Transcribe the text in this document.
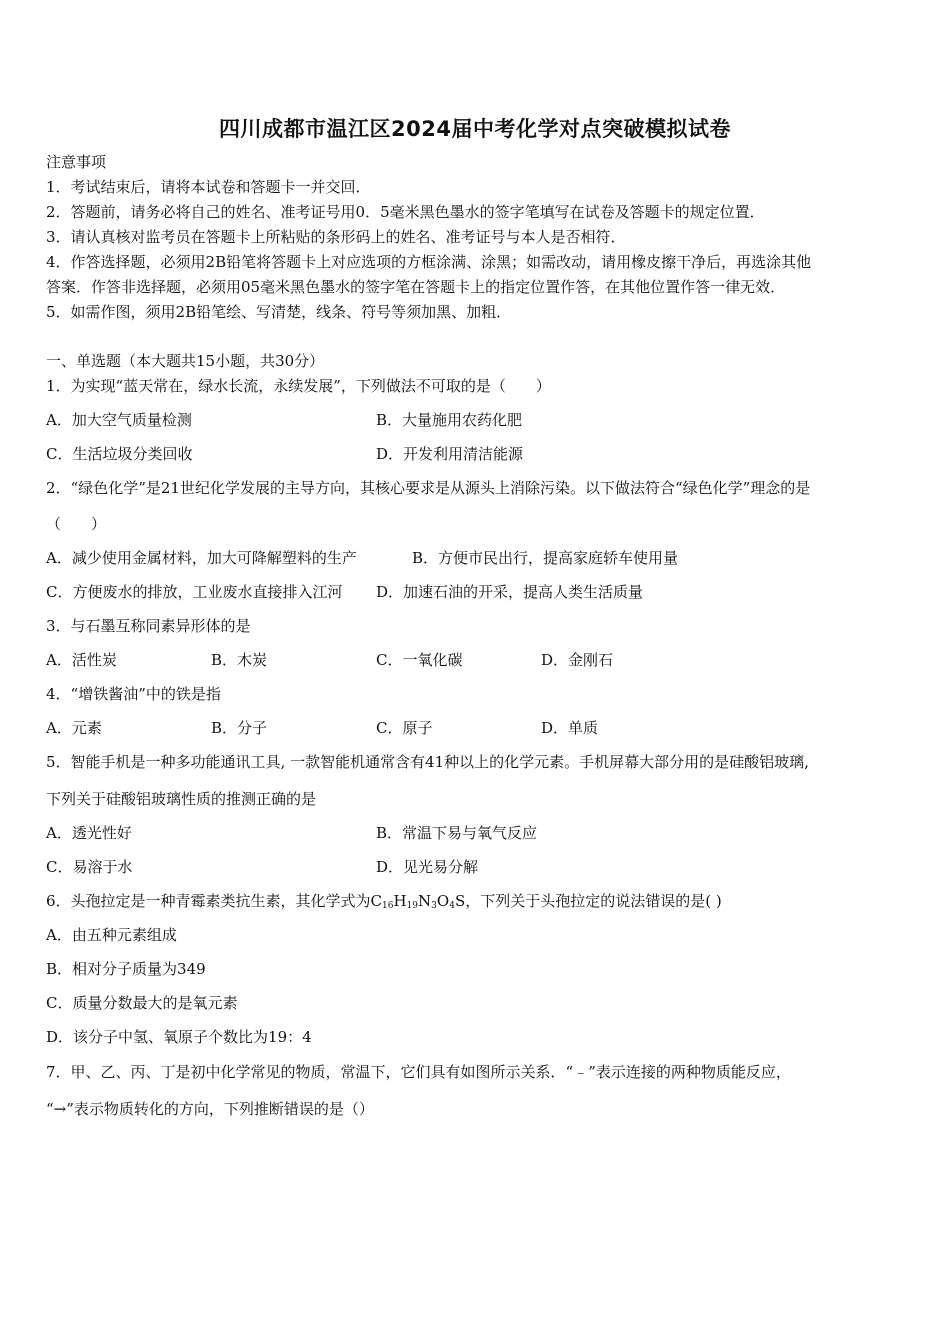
四川成都市温江区2024届中考化学对点突破模拟试卷
注意事项
1．考试结束后，请将本试卷和答题卡一并交回．
2．答题前，请务必将自己的姓名、准考证号用0．5毫米黑色墨水的签字笔填写在试卷及答题卡的规定位置．
3．请认真核对监考员在答题卡上所粘贴的条形码上的姓名、准考证号与本人是否相符．
4．作答选择题，必须用2B铅笔将答题卡上对应选项的方框涂满、涂黑；如需改动，请用橡皮擦干净后，再选涂其他
答案．作答非选择题，必须用05毫米黑色墨水的签字笔在答题卡上的指定位置作答，在其他位置作答一律无效．
5．如需作图，须用2B铅笔绘、写清楚，线条、符号等须加黑、加粗．
一、单选题（本大题共15小题，共30分）
1．为实现“蓝天常在，绿水长流，永续发展”，下列做法不可取的是（　　）
A．加大空气质量检测	B．大量施用农药化肥
C．生活垃圾分类回收	D．开发利用清洁能源
2．“绿色化学”是21世纪化学发展的主导方向，其核心要求是从源头上消除污染。以下做法符合“绿色化学”理念的是
（　　）
A．减少使用金属材料，加大可降解塑料的生产	B．方便市民出行，提高家庭轿车使用量
C．方便废水的排放，工业废水直接排入江河 D．加速石油的开采，提高人类生活质量
3．与石墨互称同素异形体的是
A．活性炭	B．木炭	C．一氧化碳	D．金刚石
4．“增铁酱油”中的铁是指
A．元素	B．分子	C．原子	D．单质
5．智能手机是一种多功能通讯工具, 一款智能机通常含有41种以上的化学元素。手机屏幕大部分用的是硅酸铝玻璃,
下列关于硅酸铝玻璃性质的推测正确的是
A．透光性好	B．常温下易与氧气反应
C．易溶于水	D．见光易分解
6．头孢拉定是一种青霉素类抗生素，其化学式为$C_{16}H_{19}N_3O_4S$，下列关于头孢拉定的说法错误的是( )
A．由五种元素组成
B．相对分子质量为349
C．质量分数最大的是氧元素
D．该分子中氢、氧原子个数比为19：4
7．甲、乙、丙、丁是初中化学常见的物质，常温下，它们具有如图所示关系．“﹣”表示连接的两种物质能反应，
“→”表示物质转化的方向，下列推断错误的是（）
